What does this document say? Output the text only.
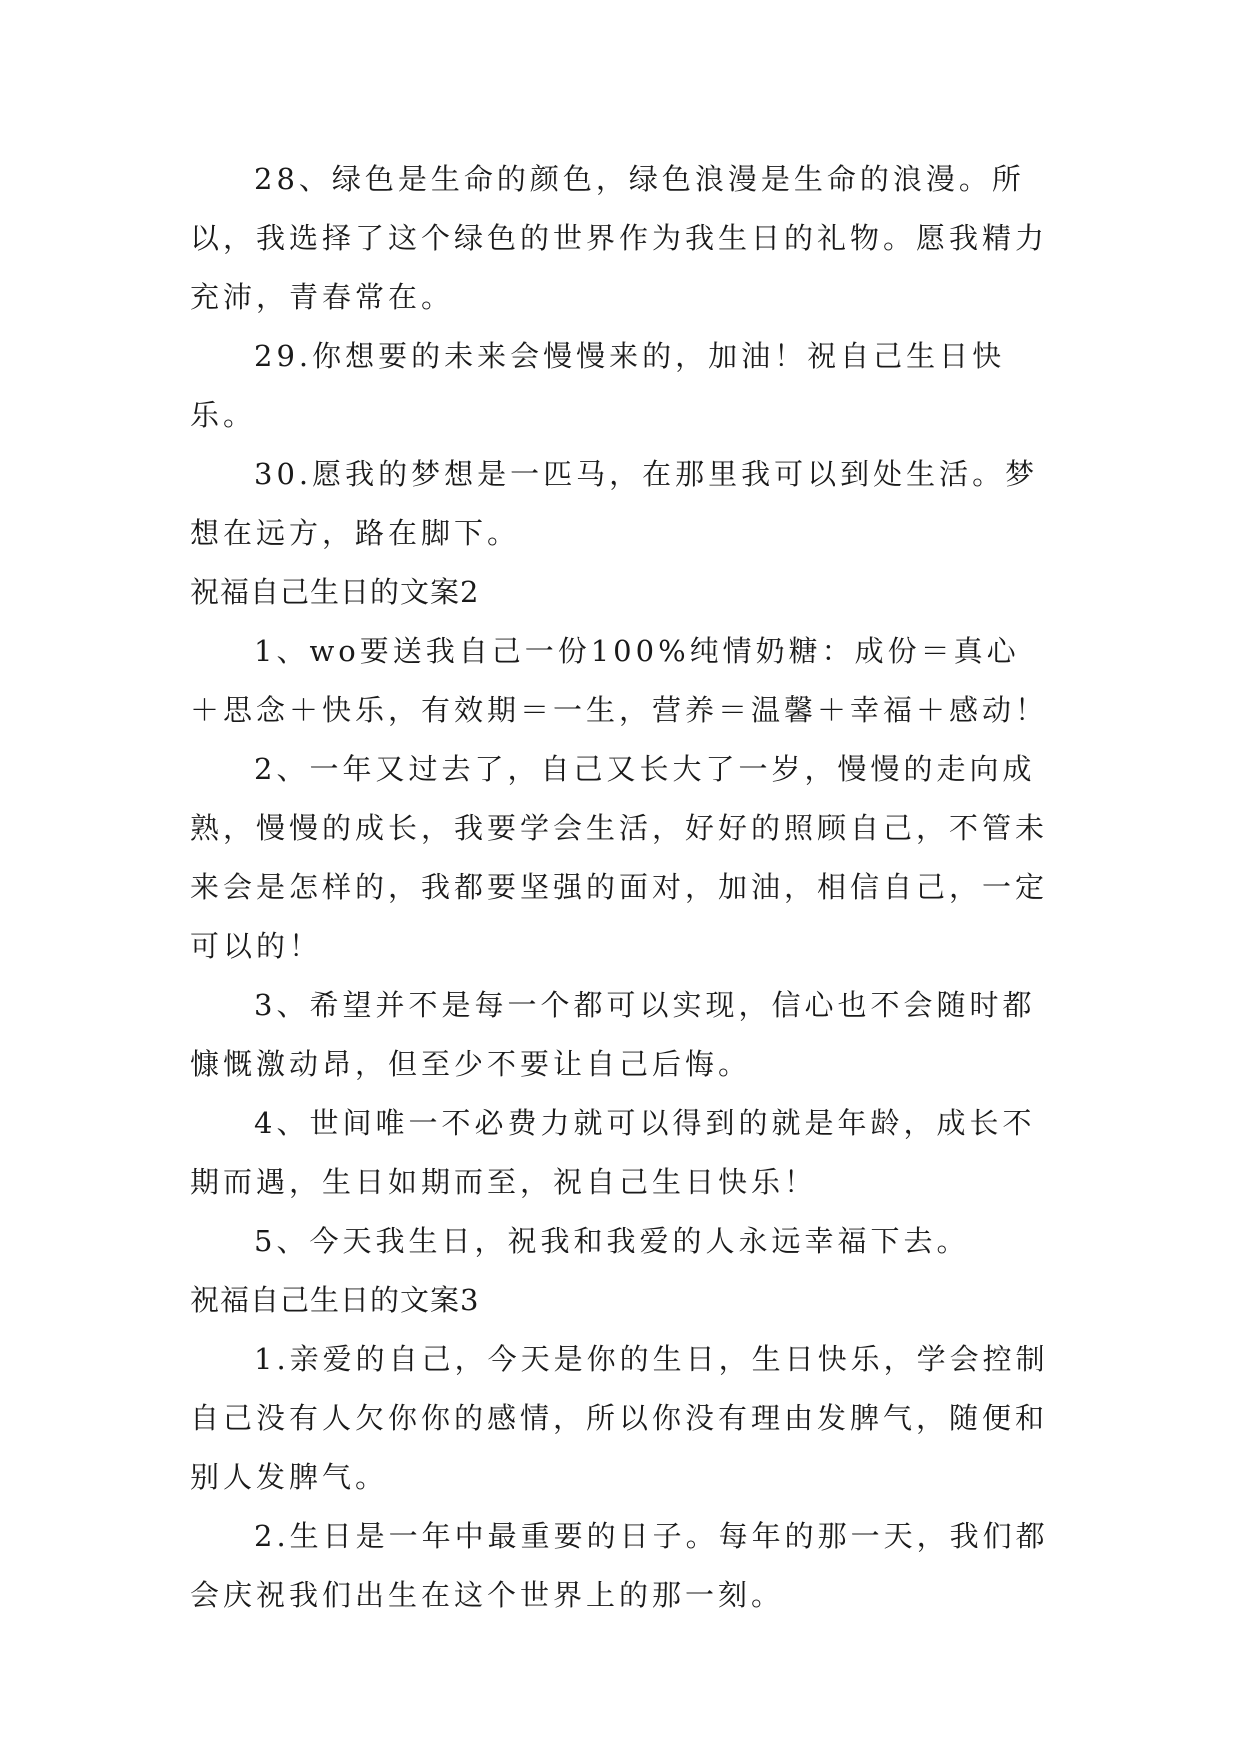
28、绿色是生命的颜色，绿色浪漫是生命的浪漫。所以，我选择了这个绿色的世界作为我生日的礼物。愿我精力充沛，青春常在。

29.你想要的未来会慢慢来的，加油！祝自己生日快乐。

30.愿我的梦想是一匹马，在那里我可以到处生活。梦想在远方，路在脚下。

祝福自己生日的文案2

1、wo要送我自己一份100%纯情奶糖：成份＝真心＋思念＋快乐，有效期＝一生，营养＝温馨＋幸福＋感动！

2、一年又过去了，自己又长大了一岁，慢慢的走向成熟，慢慢的成长，我要学会生活，好好的照顾自己，不管未来会是怎样的，我都要坚强的面对，加油，相信自己，一定可以的！

3、希望并不是每一个都可以实现，信心也不会随时都慷慨激动昂，但至少不要让自己后悔。

4、世间唯一不必费力就可以得到的就是年龄，成长不期而遇，生日如期而至，祝自己生日快乐！

5、今天我生日，祝我和我爱的人永远幸福下去。

祝福自己生日的文案3

1.亲爱的自己，今天是你的生日，生日快乐，学会控制自己没有人欠你你的感情，所以你没有理由发脾气，随便和别人发脾气。

2.生日是一年中最重要的日子。每年的那一天，我们都会庆祝我们出生在这个世界上的那一刻。
